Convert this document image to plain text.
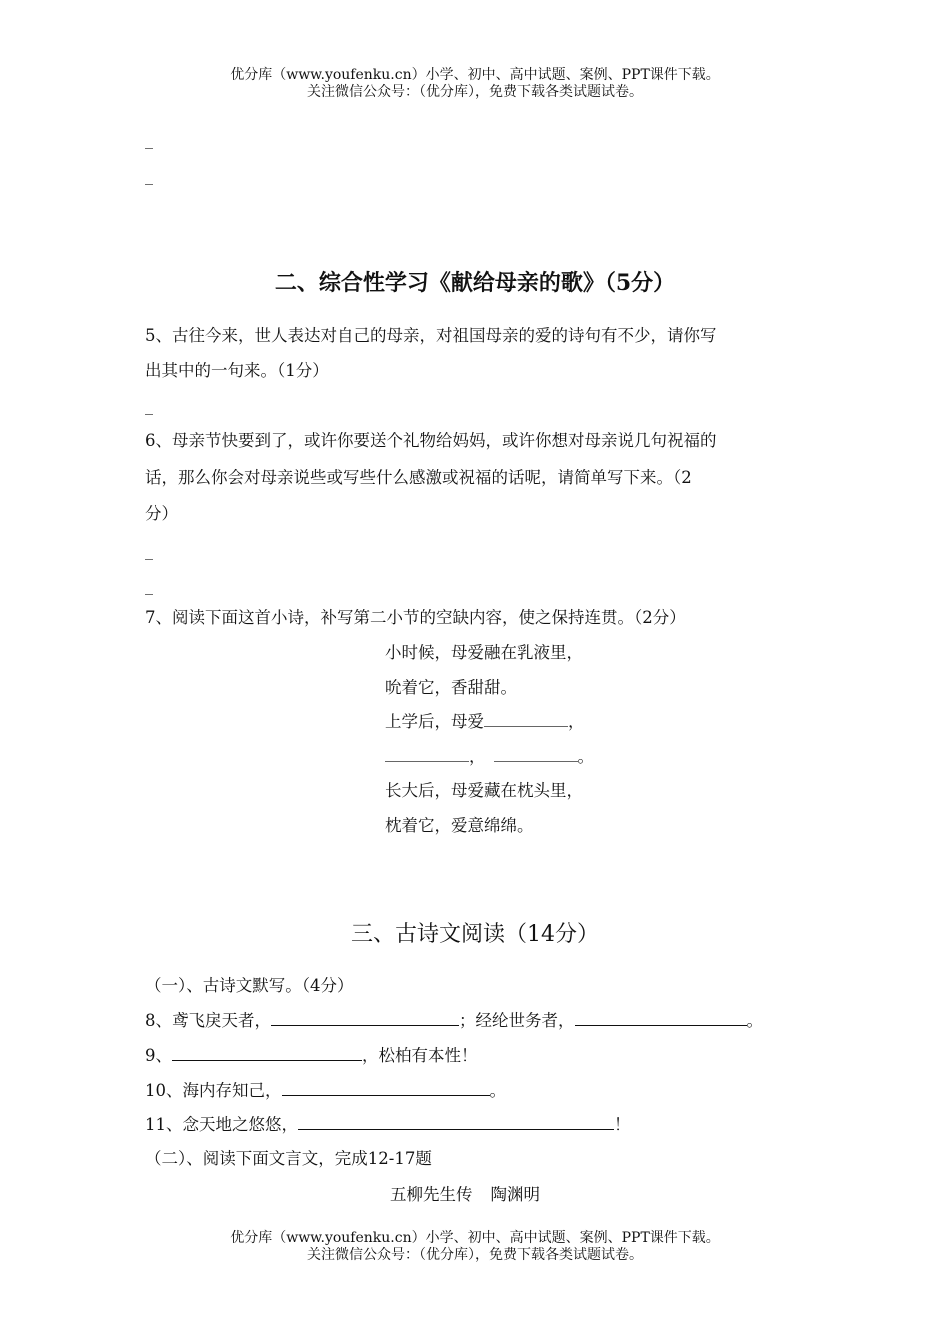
优分库（www.youfenku.cn）小学、初中、高中试题、案例、PPT课件下载。
关注微信公众号：（优分库），免费下载各类试题试卷。
_
_
二、综合性学习《献给母亲的歌》（5分）
5、古往今来，世人表达对自己的母亲，对祖国母亲的爱的诗句有不少，请你写
出其中的一句来。（1分）
_
6、母亲节快要到了，或许你要送个礼物给妈妈，或许你想对母亲说几句祝福的
话，那么你会对母亲说些或写些什么感激或祝福的话呢，请简单写下来。（2
分）
_
_
7、阅读下面这首小诗，补写第二小节的空缺内容，使之保持连贯。（2分）
小时候，母爱融在乳液里，
吮着它，香甜甜。
上学后，母爱	，
，	。
长大后，母爱藏在枕头里，
枕着它，爱意绵绵。
三、古诗文阅读（14分）
（一）、古诗文默写。（4分）
8、鸢飞戾天者，	；经纶世务者，	。
9、	，松柏有本性！
10、海内存知己，	。
11、念天地之悠悠，	！
（二）、阅读下面文言文，完成12-17题
五柳先生传 陶渊明
优分库（www.youfenku.cn）小学、初中、高中试题、案例、PPT课件下载。
关注微信公众号：（优分库），免费下载各类试题试卷。
